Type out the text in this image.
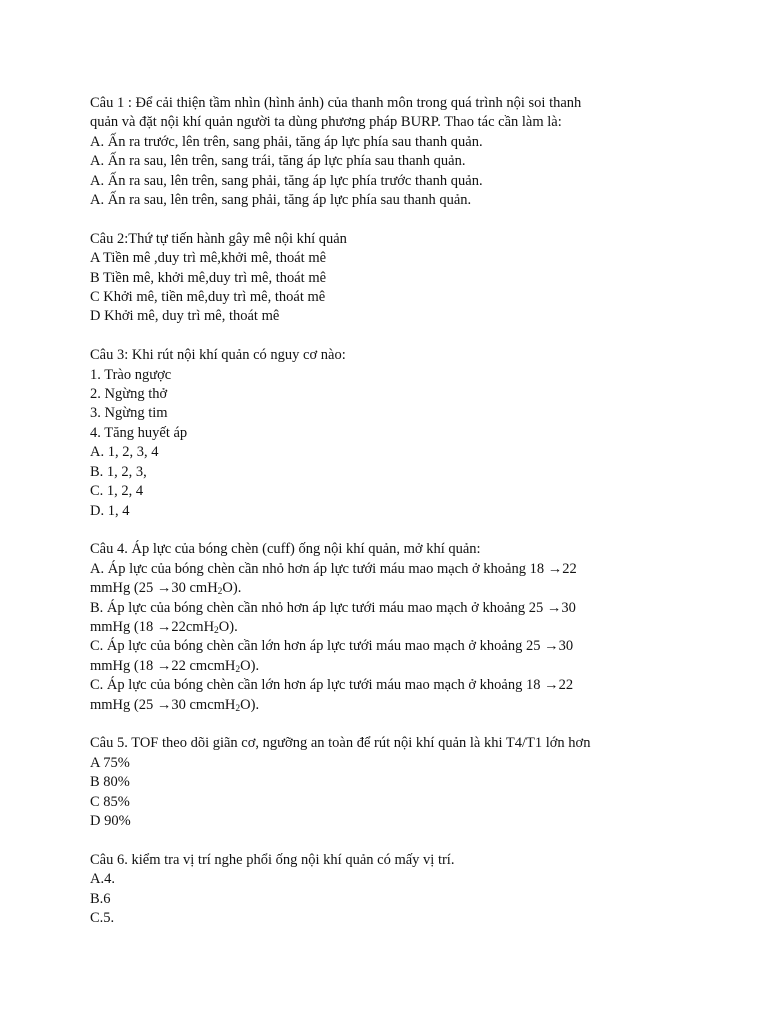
Câu 1 : Để cải thiện tầm nhìn (hình ảnh) của thanh môn trong quá trình nội soi thanh
quản và đặt nội khí quản người ta dùng phương pháp BURP. Thao tác cần làm là:
A. Ấn ra trước, lên trên, sang phải, tăng áp lực phía sau thanh quản.
A. Ấn ra sau, lên trên, sang trái, tăng áp lực phía sau thanh quản.
A. Ấn ra sau, lên trên, sang phải, tăng áp lực phía trước thanh quản.
A. Ấn ra sau, lên trên, sang phải, tăng áp lực phía sau thanh quản.
Câu 2:Thứ tự tiến hành gây mê nội khí quản
A Tiền mê ,duy trì mê,khởi mê, thoát mê
B Tiền mê, khởi mê,duy trì mê, thoát mê
C Khởi mê, tiền mê,duy trì mê, thoát mê
D Khởi mê, duy trì mê, thoát mê
Câu 3: Khi rút nội khí quản có nguy cơ nào:
1. Trào ngược
2. Ngừng thở
3. Ngừng tim
4. Tăng huyết áp
A. 1, 2, 3, 4
B. 1, 2, 3,
C. 1, 2, 4
D. 1, 4
Câu 4. Áp lực của bóng chèn (cuff) ống nội khí quản, mở khí quản:
A. Áp lực của bóng chèn cần nhỏ hơn áp lực tưới máu mao mạch ở khoảng 18 →22
mmHg (25 →30 cmH$_2$O).
B. Áp lực của bóng chèn cần nhỏ hơn áp lực tưới máu mao mạch ở khoảng 25 →30
mmHg (18 →22cmH$_2$O).
C. Áp lực của bóng chèn cần lớn hơn áp lực tưới máu mao mạch ở khoảng 25 →30
mmHg (18 →22 cmcmH$_2$O).
C. Áp lực của bóng chèn cần lớn hơn áp lực tưới máu mao mạch ở khoảng 18 →22
mmHg (25 →30 cmcmH$_2$O).
Câu 5. TOF theo dõi giãn cơ, ngưỡng an toàn để rút nội khí quản là khi T4/T1 lớn hơn
A 75%
B 80%
C 85%
D 90%
Câu 6. kiểm tra vị trí nghe phổi ống nội khí quản có mấy vị trí.
A.4.
B.6
C.5.
